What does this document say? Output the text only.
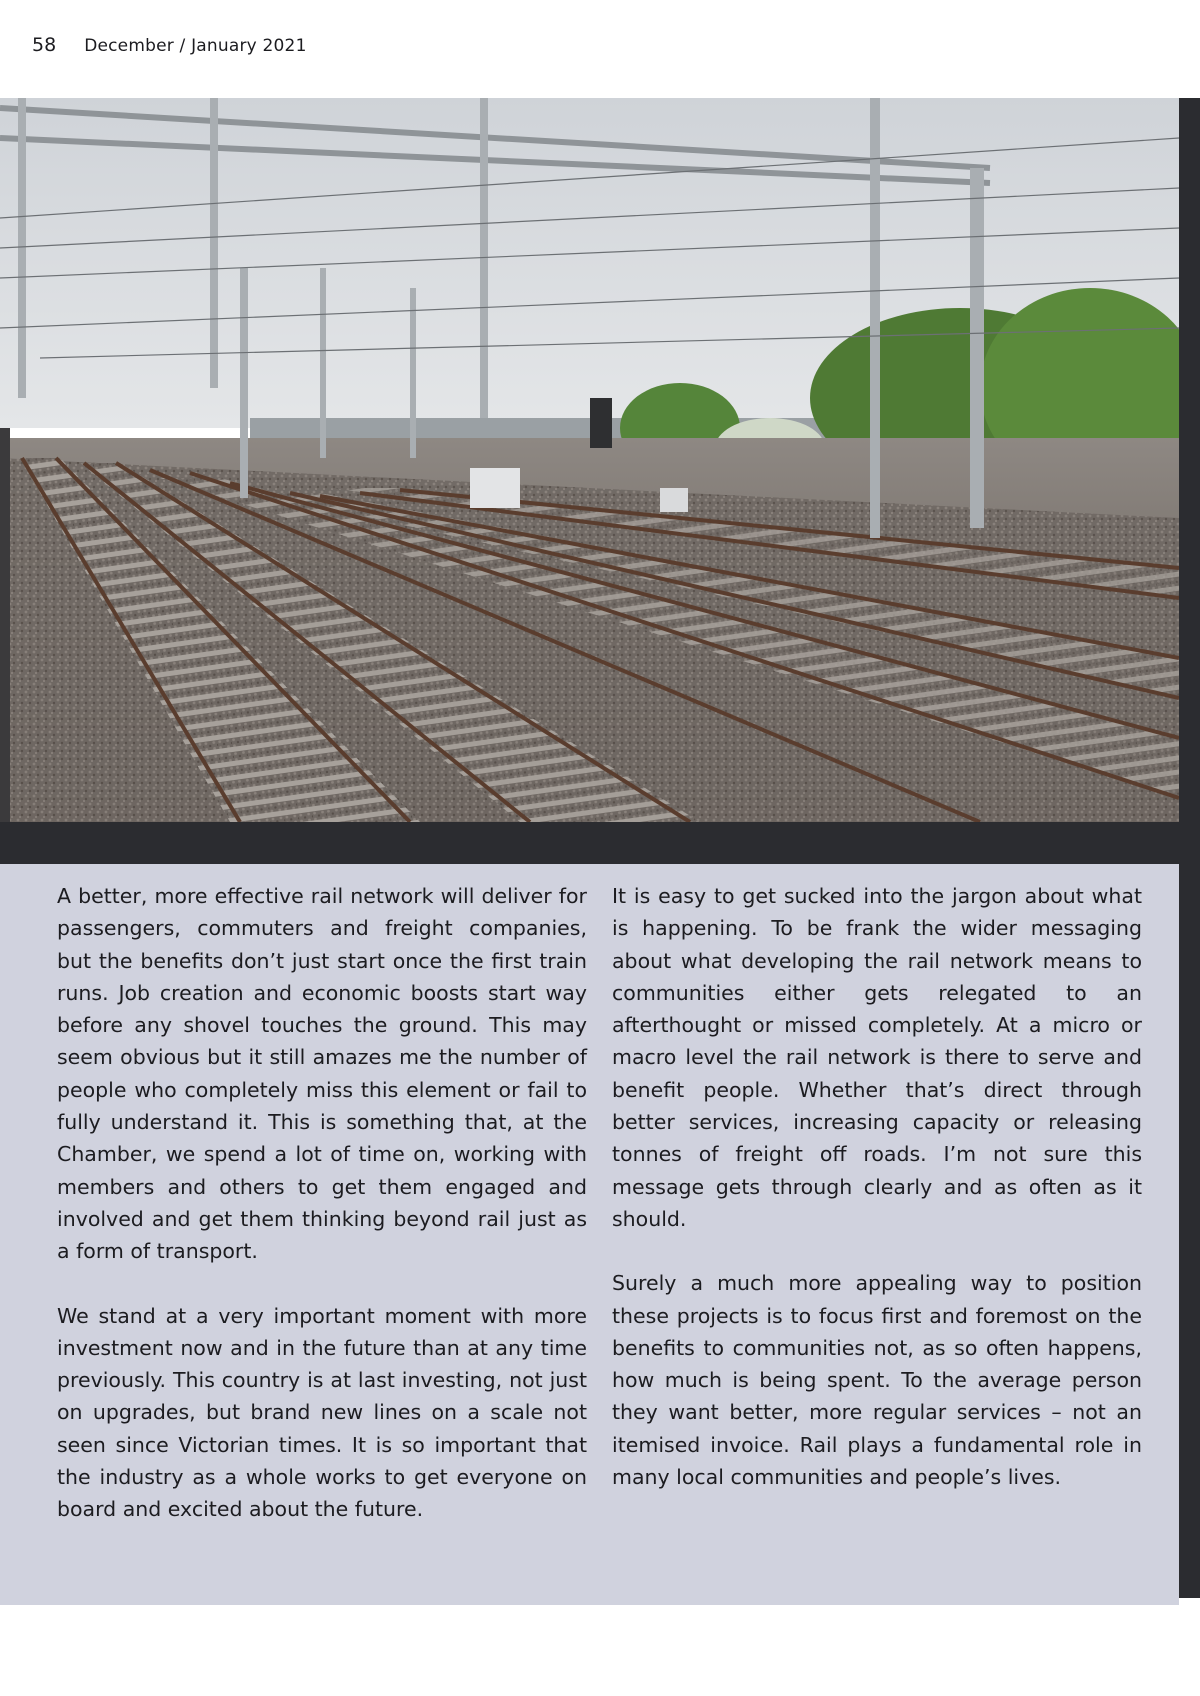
58 December / January 2021

A better, more effective rail network will deliver for passengers, commuters and freight companies, but the benefits don’t just start once the first train runs. Job creation and economic boosts start way before any shovel touches the ground. This may seem obvious but it still amazes me the number of people who completely miss this element or fail to fully understand it. This is something that, at the Chamber, we spend a lot of time on, working with members and others to get them engaged and involved and get them thinking beyond rail just as a form of transport.

We stand at a very important moment with more investment now and in the future than at any time previously. This country is at last investing, not just on upgrades, but brand new lines on a scale not seen since Victorian times. It is so important that the industry as a whole works to get everyone on board and excited about the future.

It is easy to get sucked into the jargon about what is happening. To be frank the wider messaging about what developing the rail network means to communities either gets relegated to an afterthought or missed completely. At a micro or macro level the rail network is there to serve and benefit people. Whether that’s direct through better services, increasing capacity or releasing tonnes of freight off roads. I’m not sure this message gets through clearly and as often as it should.

Surely a much more appealing way to position these projects is to focus first and foremost on the benefits to communities not, as so often happens, how much is being spent. To the average person they want better, more regular services – not an itemised invoice. Rail plays a fundamental role in many local communities and people’s lives.
